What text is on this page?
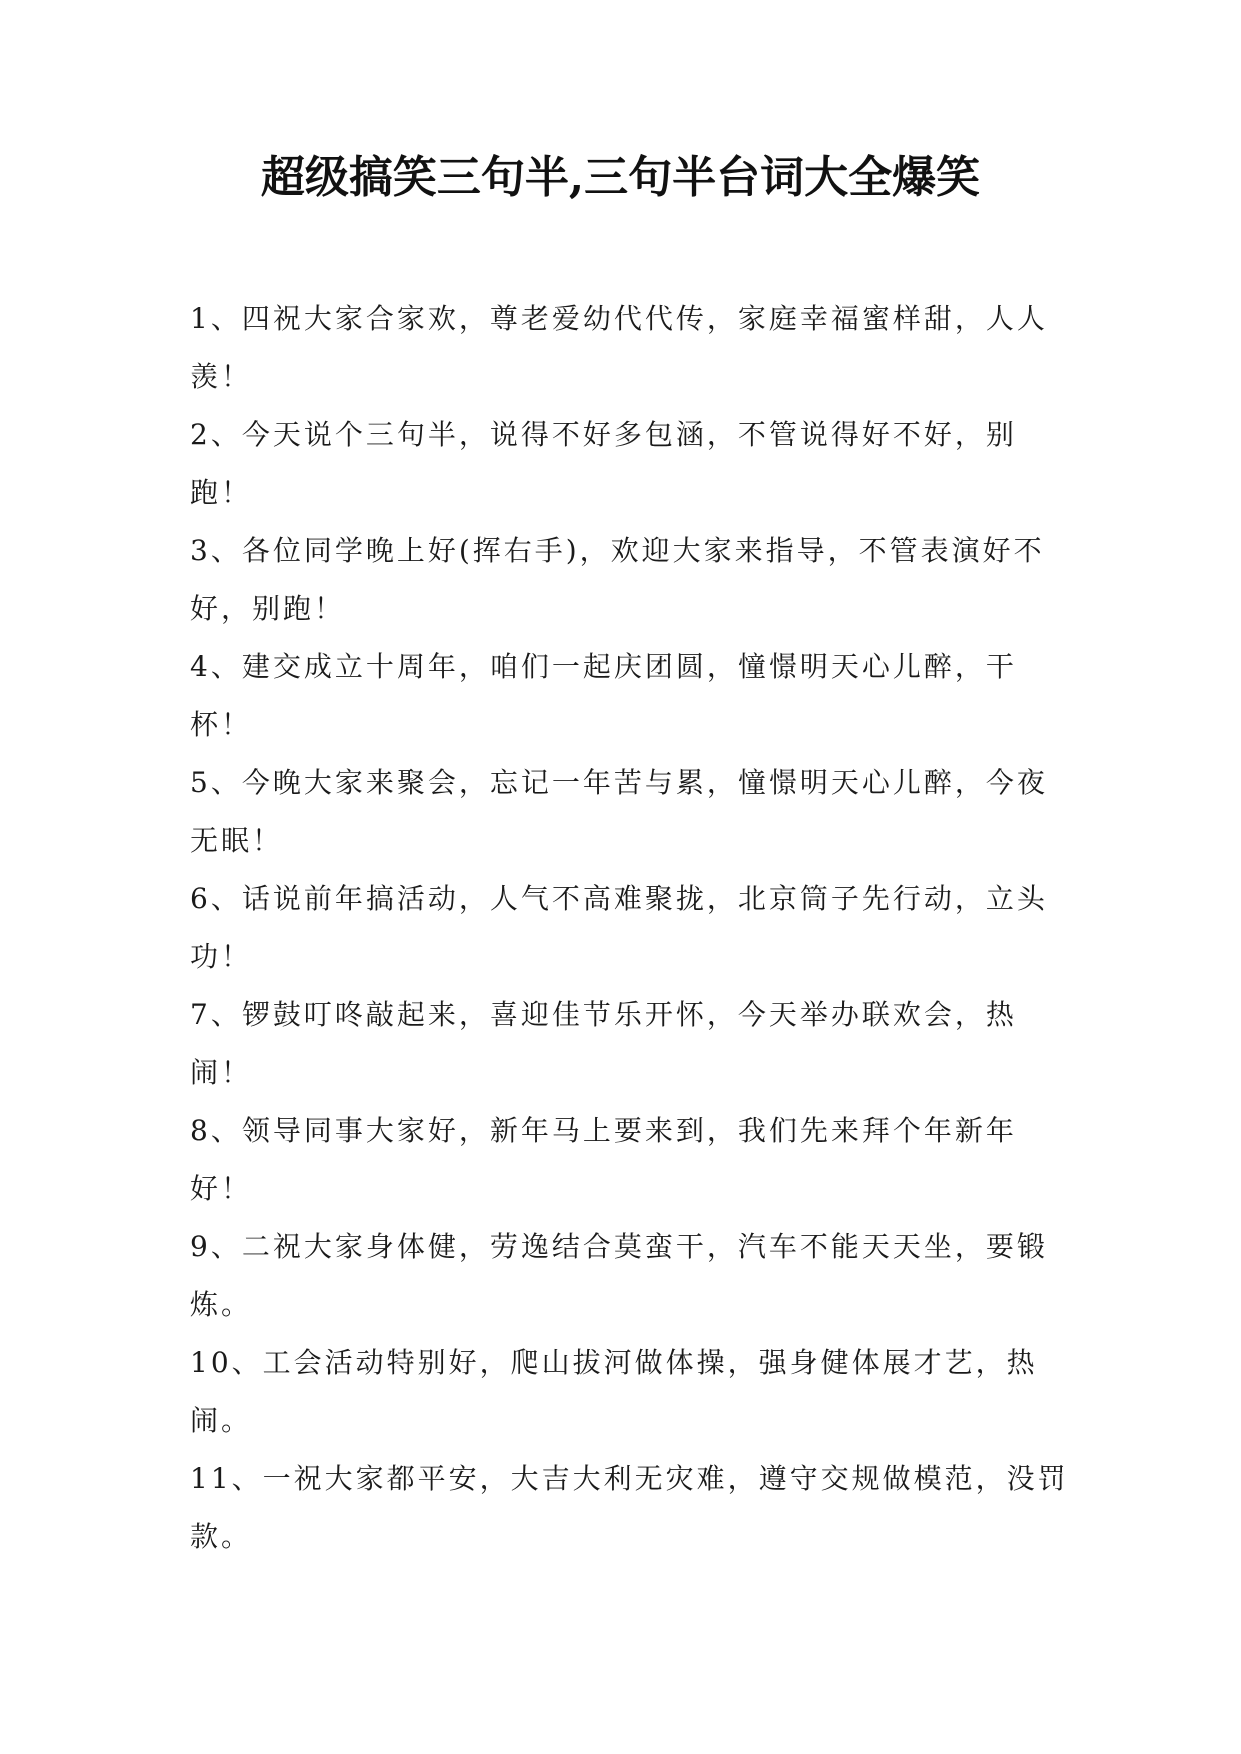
超级搞笑三句半,三句半台词大全爆笑
1、四祝大家合家欢，尊老爱幼代代传，家庭幸福蜜样甜，人人羡！
2、今天说个三句半，说得不好多包涵，不管说得好不好，别跑！
3、各位同学晚上好(挥右手)，欢迎大家来指导，不管表演好不好，别跑！
4、建交成立十周年，咱们一起庆团圆，憧憬明天心儿醉，干杯！
5、今晚大家来聚会，忘记一年苦与累，憧憬明天心儿醉，今夜无眠！
6、话说前年搞活动，人气不高难聚拢，北京筒子先行动，立头功！
7、锣鼓叮咚敲起来，喜迎佳节乐开怀，今天举办联欢会，热闹！
8、领导同事大家好，新年马上要来到，我们先来拜个年新年好！
9、二祝大家身体健，劳逸结合莫蛮干，汽车不能天天坐，要锻炼。
10、工会活动特别好，爬山拔河做体操，强身健体展才艺，热闹。
11、一祝大家都平安，大吉大利无灾难，遵守交规做模范，没罚款。
